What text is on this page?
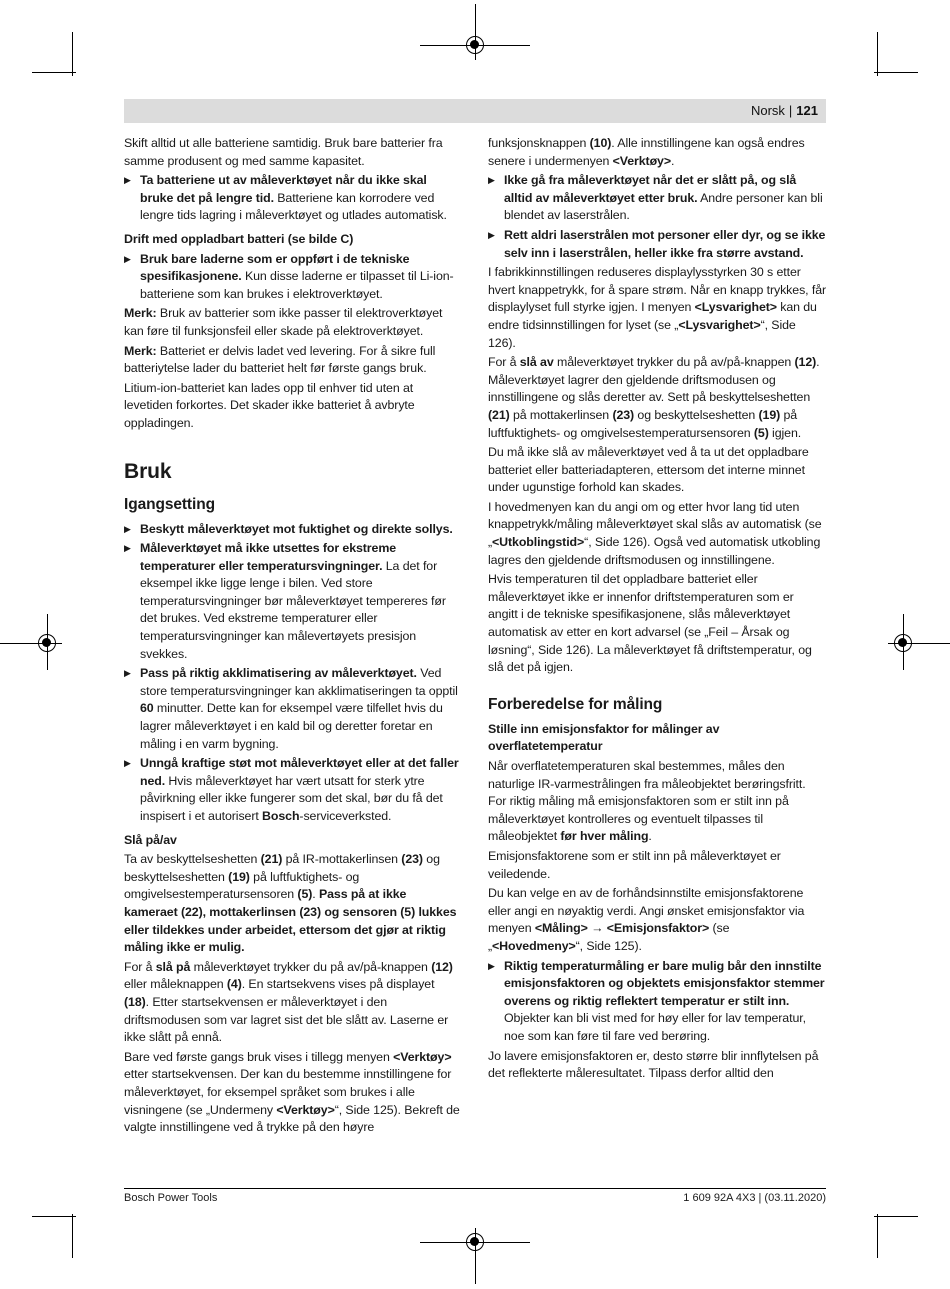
Norsk | 121

Skift alltid ut alle batteriene samtidig. Bruk bare batterier fra samme produsent og med samme kapasitet.

▶ Ta batteriene ut av måleverktøyet når du ikke skal bruke det på lengre tid. Batteriene kan korrodere ved lengre tids lagring i måleverktøyet og utlades automatisk.
Drift med oppladbart batteri (se bilde C)
▶ Bruk bare laderne som er oppført i de tekniske spesifikasjonene. Kun disse laderne er tilpasset til Li-ion-batteriene som kan brukes i elektroverktøyet.

Merk: Bruk av batterier som ikke passer til elektroverktøyet kan føre til funksjonsfeil eller skade på elektroverktøyet.

Merk: Batteriet er delvis ladet ved levering. For å sikre full batteriytelse lader du batteriet helt før første gangs bruk.

Litium-ion-batteriet kan lades opp til enhver tid uten at levetiden forkortes. Det skader ikke batteriet å avbryte oppladingen.

Bruk
Igangsetting
▶ Beskytt måleverktøyet mot fuktighet og direkte sollys.
▶ Måleverktøyet må ikke utsettes for ekstreme temperaturer eller temperatursvingninger. La det for eksempel ikke ligge lenge i bilen. Ved store temperatursvingninger bør måleverktøyet tempereres før det brukes. Ved ekstreme temperaturer eller temperatursvingninger kan målevertøyets presisjon svekkes.
▶ Pass på riktig akklimatisering av måleverktøyet. Ved store temperatursvingninger kan akklimatiseringen ta opptil 60 minutter. Dette kan for eksempel være tilfellet hvis du lagrer måleverktøyet i en kald bil og deretter foretar en måling i en varm bygning.
▶ Unngå kraftige støt mot måleverktøyet eller at det faller ned. Hvis måleverktøyet har vært utsatt for sterk ytre påvirkning eller ikke fungerer som det skal, bør du få det inspisert i et autorisert Bosch-serviceverksted.
Slå på/av

Ta av beskyttelseshetten (21) på IR-mottakerlinsen (23) og beskyttelseshetten (19) på luftfuktighets- og omgivelsestemperatursensoren (5). Pass på at ikke kameraet (22), mottakerlinsen (23) og sensoren (5) lukkes eller tildekkes under arbeidet, ettersom det gjør at riktig måling ikke er mulig.

For å slå på måleverktøyet trykker du på av/på-knappen (12) eller måleknappen (4). En startsekvens vises på displayet (18). Etter startsekvensen er måleverktøyet i den driftsmodusen som var lagret sist det ble slått av. Laserne er ikke slått på ennå.

Bare ved første gangs bruk vises i tillegg menyen <Verktøy> etter startsekvensen. Der kan du bestemme innstillingene for måleverktøyet, for eksempel språket som brukes i alle visningene (se „Undermeny <Verktøy>“, Side 125). Bekreft de valgte innstillingene ved å trykke på den høyre

funksjonsknappen (10). Alle innstillingene kan også endres senere i undermenyen <Verktøy>.

▶ Ikke gå fra måleverktøyet når det er slått på, og slå alltid av måleverktøyet etter bruk. Andre personer kan bli blendet av laserstrålen.
▶ Rett aldri laserstrålen mot personer eller dyr, og se ikke selv inn i laserstrålen, heller ikke fra større avstand.

I fabrikkinnstillingen reduseres displaylysstyrken 30 s etter hvert knappetrykk, for å spare strøm. Når en knapp trykkes, får displaylyset full styrke igjen. I menyen <Lysvarighet> kan du endre tidsinnstillingen for lyset (se „<Lysvarighet>“, Side 126).

For å slå av måleverktøyet trykker du på av/på-knappen (12). Måleverktøyet lagrer den gjeldende driftsmodusen og innstillingene og slås deretter av. Sett på beskyttelseshetten (21) på mottakerlinsen (23) og beskyttelseshetten (19) på luftfuktighets- og omgivelsestemperatursensoren (5) igjen.

Du må ikke slå av måleverktøyet ved å ta ut det oppladbare batteriet eller batteriadapteren, ettersom det interne minnet under ugunstige forhold kan skades.

I hovedmenyen kan du angi om og etter hvor lang tid uten knappetrykk/måling måleverktøyet skal slås av automatisk (se „<Utkoblingstid>“, Side 126). Også ved automatisk utkobling lagres den gjeldende driftsmodusen og innstillingene.

Hvis temperaturen til det oppladbare batteriet eller måleverktøyet ikke er innenfor driftstemperaturen som er angitt i de tekniske spesifikasjonene, slås måleverktøyet automatisk av etter en kort advarsel (se „Feil – Årsak og løsning“, Side 126). La måleverktøyet få driftstemperatur, og slå det på igjen.

Forberedelse for måling
Stille inn emisjonsfaktor for målinger av overflatetemperatur

Når overflatetemperaturen skal bestemmes, måles den naturlige IR-varmestrålingen fra måleobjektet berøringsfritt. For riktig måling må emisjonsfaktoren som er stilt inn på måleverktøyet kontrolleres og eventuelt tilpasses til måleobjektet før hver måling.

Emisjonsfaktorene som er stilt inn på måleverktøyet er veiledende.

Du kan velge en av de forhåndsinnstilte emisjonsfaktorene eller angi en nøyaktig verdi. Angi ønsket emisjonsfaktor via menyen <Måling> → <Emisjonsfaktor> (se „<Hovedmeny>“, Side 125).

▶ Riktig temperaturmåling er bare mulig bår den innstilte emisjonsfaktoren og objektets emisjonsfaktor stemmer overens og riktig reflektert temperatur er stilt inn. Objekter kan bli vist med for høy eller for lav temperatur, noe som kan føre til fare ved berøring.

Jo lavere emisjonsfaktoren er, desto større blir innflytelsen på det reflekterte måleresultatet. Tilpass derfor alltid den

Bosch Power Tools	1 609 92A 4X3 | (03.11.2020)
